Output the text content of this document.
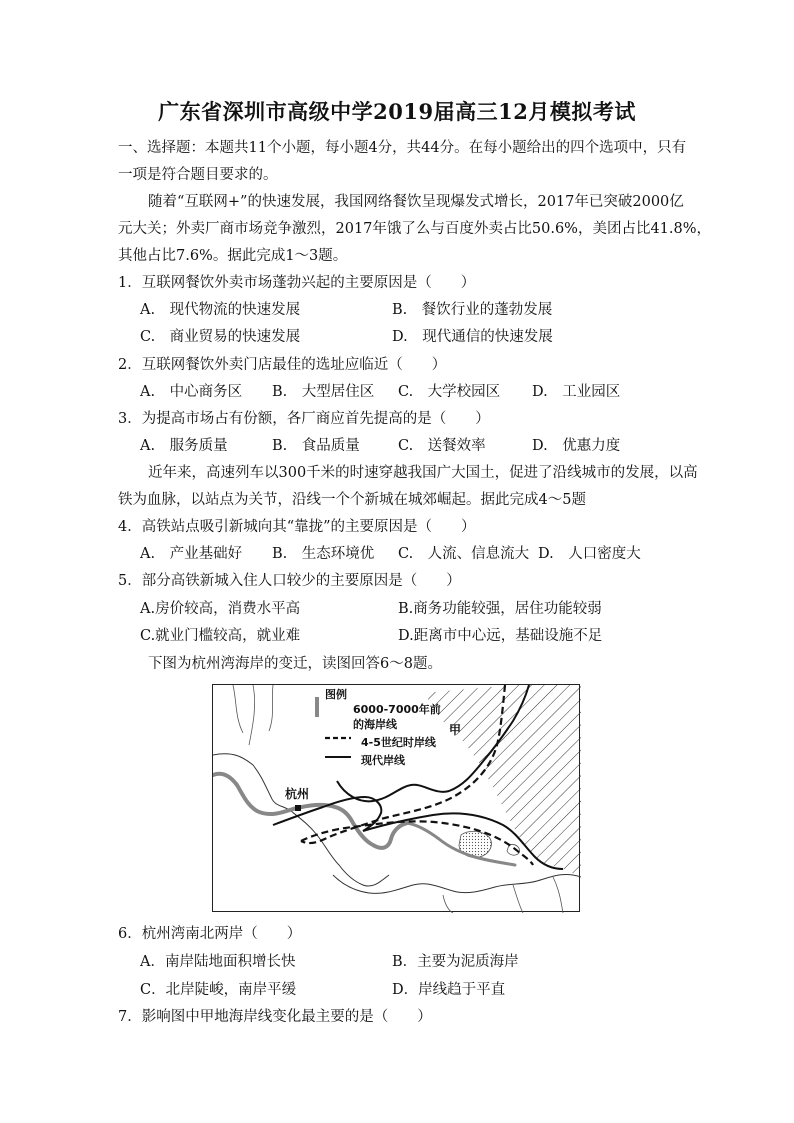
广东省深圳市高级中学2019届高三12月模拟考试
一、选择题：本题共11个小题，每小题4分，共44分。在每小题给出的四个选项中，只有
一项是符合题目要求的。
随着“互联网+”的快速发展，我国网络餐饮呈现爆发式增长，2017年已突破2000亿
元大关；外卖厂商市场竞争激烈，2017年饿了么与百度外卖占比50.6%，美团占比41.8%，
其他占比7.6%。据此完成1～3题。
1．互联网餐饮外卖市场蓬勃兴起的主要原因是（　　）
A.　现代物流的快速发展	B.　餐饮行业的蓬勃发展
C.　商业贸易的快速发展	D.　现代通信的快速发展
2．互联网餐饮外卖门店最佳的选址应临近（　　）
A.　中心商务区 B.　大型居住区 C.　大学校园区 D.　工业园区
3．为提高市场占有份额，各厂商应首先提高的是（　　）
A.　服务质量	B.　食品质量	C.　送餐效率	D.　优惠力度
近年来，高速列车以300千米的时速穿越我国广大国土，促进了沿线城市的发展，以高
铁为血脉，以站点为关节，沿线一个个新城在城郊崛起。据此完成4～5题
4．高铁站点吸引新城向其“靠拢”的主要原因是（　　）
A.　产业基础好 B.　生态环境优 C.　人流、信息流大 D.　人口密度大
5．部分高铁新城入住人口较少的主要原因是（　　）
A.房价较高，消费水平高	B.商务功能较强，居住功能较弱
C.就业门槛较高，就业难	D.距离市中心远，基础设施不足
下图为杭州湾海岸的变迁，读图回答6～8题。
图例
6000-7000年前
的海岸线
4-5世纪时岸线
现代岸线
甲
杭州
6．杭州湾南北两岸（　　）
A．南岸陆地面积增长快	B．主要为泥质海岸
C．北岸陡峻，南岸平缓	D．岸线趋于平直
7．影响图中甲地海岸线变化最主要的是（　　）
